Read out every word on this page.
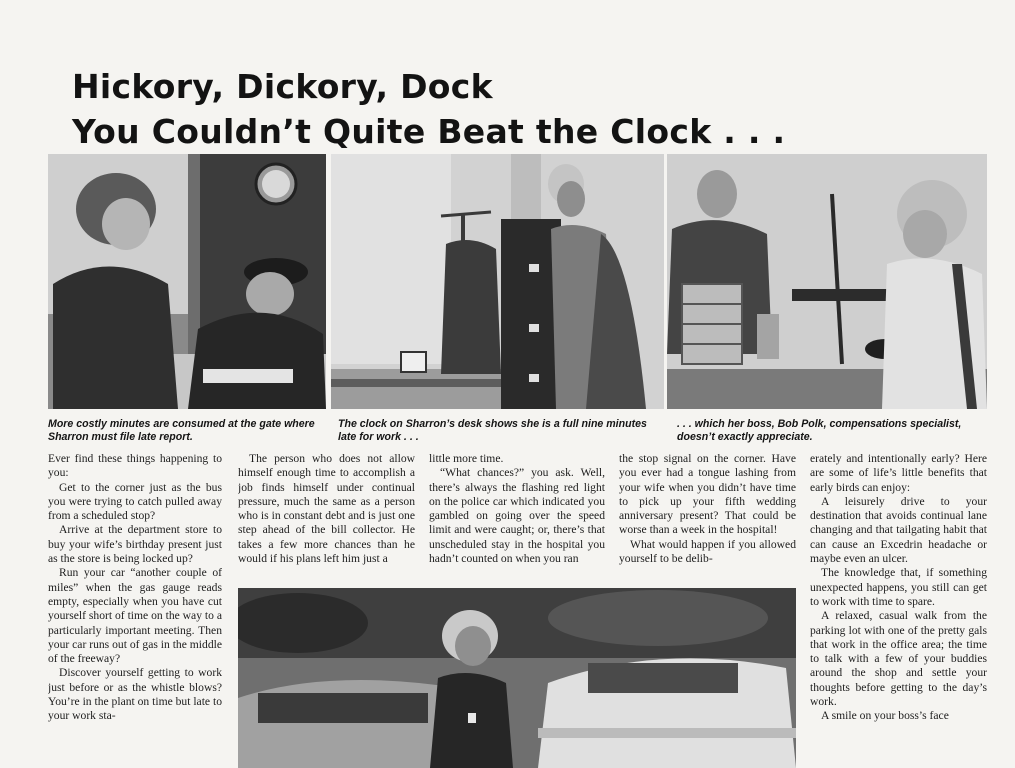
Hickory, Dickory, Dock
You Couldn’t Quite Beat the Clock . . .

More costly minutes are consumed at the gate where Sharron must file late report.

The clock on Sharron’s desk shows she is a full nine minutes late for work . . .

. . . which her boss, Bob Polk, compensations specialist, doesn’t exactly appreciate.

Ever find these things happening to you:

Get to the corner just as the bus you were trying to catch pulled away from a scheduled stop?

Arrive at the department store to buy your wife’s birthday present just as the store is being locked up?

Run your car “another couple of miles” when the gas gauge reads empty, especially when you have cut yourself short of time on the way to a particularly important meeting. Then your car runs out of gas in the middle of the freeway?

Discover yourself getting to work just before or as the whistle blows? You’re in the plant on time but late to your work sta-

The person who does not allow himself enough time to accomplish a job finds himself under continual pressure, much the same as a person who is in constant debt and is just one step ahead of the bill collector. He takes a few more chances than he would if his plans left him just a

little more time.

“What chances?” you ask. Well, there’s always the flashing red light on the police car which indicated you gambled on going over the speed limit and were caught; or, there’s that unscheduled stay in the hospital you hadn’t counted on when you ran

the stop signal on the corner. Have you ever had a tongue lashing from your wife when you didn’t have time to pick up your fifth wedding anniversary present? That could be worse than a week in the hospital!

What would happen if you allowed yourself to be delib-

erately and intentionally early? Here are some of life’s little benefits that early birds can enjoy:

A leisurely drive to your destination that avoids continual lane changing and that tailgating habit that can cause an Excedrin headache or maybe even an ulcer.

The knowledge that, if something unexpected happens, you still can get to work with time to spare.

A relaxed, casual walk from the parking lot with one of the pretty gals that work in the office area; the time to talk with a few of your buddies around the shop and settle your thoughts before getting to the day’s work.

A smile on your boss’s face
